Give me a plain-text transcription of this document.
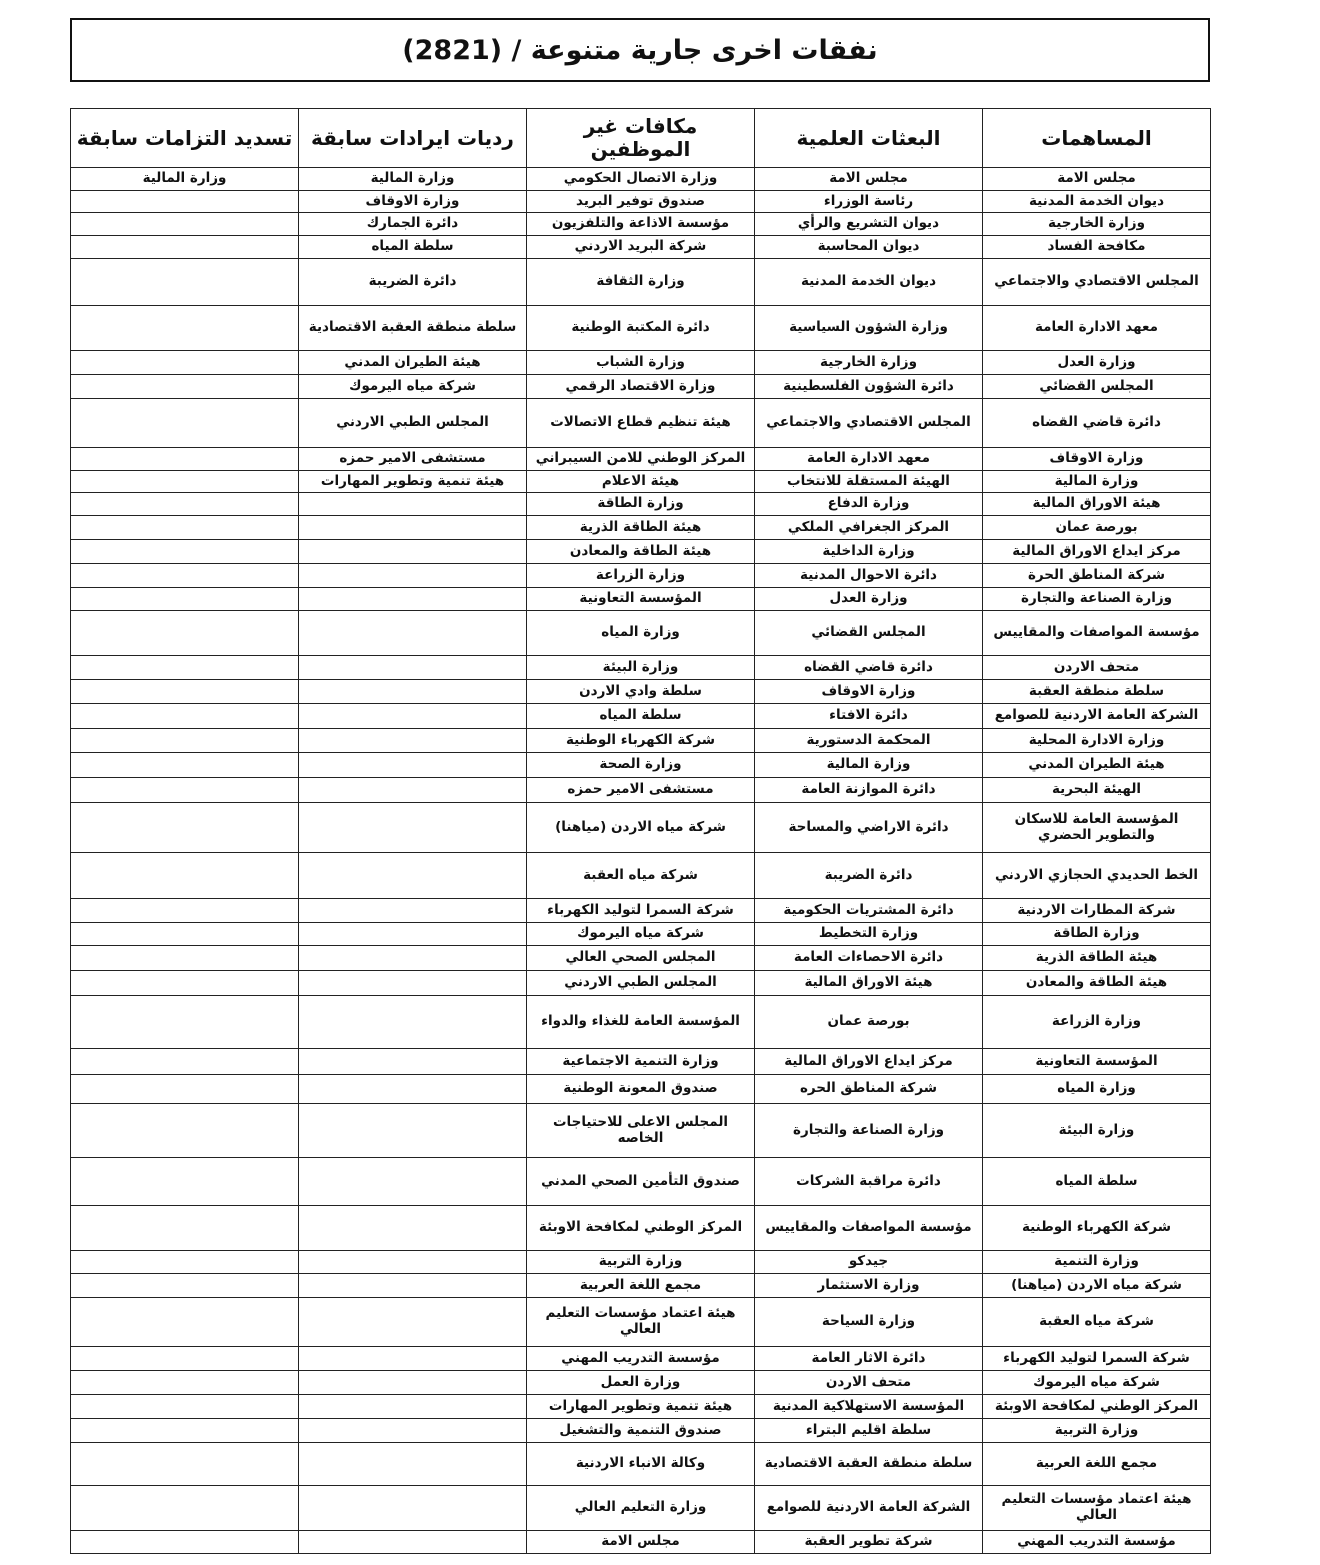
نفقات اخرى جارية متنوعة / (2821)
المساهمات	البعثات العلمية	مكافات غير الموظفين	رديات ايرادات سابقة	تسديد التزامات سابقة
مجلس الامة	مجلس الامة	وزارة الاتصال الحكومي	وزارة المالية	وزارة المالية
ديوان الخدمة المدنية	رئاسة الوزراء	صندوق توفير البريد	وزارة الاوقاف	
وزارة الخارجية	ديوان التشريع والرأي	مؤسسة الاذاعة والتلفزيون	دائرة الجمارك	
مكافحة الفساد	ديوان المحاسبة	شركة البريد الاردني	سلطة المياه	
المجلس الاقتصادي والاجتماعي	ديوان الخدمة المدنية	وزارة الثقافة	دائرة الضريبة	
معهد الادارة العامة	وزارة الشؤون السياسية	دائرة المكتبة الوطنية	سلطة منطقة العقبة الاقتصادية	
وزارة العدل	وزارة الخارجية	وزارة الشباب	هيئة الطيران المدني	
المجلس القضائي	دائرة الشؤون الفلسطينية	وزارة الاقتصاد الرقمي	شركة مياه اليرموك	
دائرة قاضي القضاه	المجلس الاقتصادي والاجتماعي	هيئة تنظيم قطاع الاتصالات	المجلس الطبي الاردني	
وزارة الاوقاف	معهد الادارة العامة	المركز الوطني للامن السيبراني	مستشفى الامير حمزه	
وزارة المالية	الهيئة المستقلة للانتخاب	هيئة الاعلام	هيئة تنمية وتطوير المهارات	
هيئة الاوراق المالية	وزارة الدفاع	وزارة الطاقة		
بورصة عمان	المركز الجغرافي الملكي	هيئة الطاقة الذرية		
مركز ايداع الاوراق المالية	وزارة الداخلية	هيئة الطاقة والمعادن		
شركة المناطق الحرة	دائرة الاحوال المدنية	وزارة الزراعة		
وزارة الصناعة والتجارة	وزارة العدل	المؤسسة التعاونية		
مؤسسة المواصفات والمقاييس	المجلس القضائي	وزارة المياه		
متحف الاردن	دائرة قاضي القضاه	وزارة البيئة		
سلطة منطقة العقبة	وزارة الاوقاف	سلطة وادي الاردن		
الشركة العامة الاردنية للصوامع	دائرة الافتاء	سلطة المياه		
وزارة الادارة المحلية	المحكمة الدستورية	شركة الكهرباء الوطنية		
هيئة الطيران المدني	وزارة المالية	وزارة الصحة		
الهيئة البحرية	دائرة الموازنة العامة	مستشفى الامير حمزه		
المؤسسة العامة للاسكان والتطوير الحضري	دائرة الاراضي والمساحة	شركة مياه الاردن (مياهنا)		
الخط الحديدي الحجازي الاردني	دائرة الضريبة	شركة مياه العقبة		
شركة المطارات الاردنية	دائرة المشتريات الحكومية	شركة السمرا لتوليد الكهرباء		
وزارة الطاقة	وزارة التخطيط	شركة مياه اليرموك		
هيئة الطاقة الذرية	دائرة الاحصاءات العامة	المجلس الصحي العالي		
هيئة الطاقة والمعادن	هيئة الاوراق المالية	المجلس الطبي الاردني		
وزارة الزراعة	بورصة عمان	المؤسسة العامة للغذاء والدواء		
المؤسسة التعاونية	مركز ايداع الاوراق المالية	وزارة التنمية الاجتماعية		
وزارة المياه	شركة المناطق الحره	صندوق المعونة الوطنية		
وزارة البيئة	وزارة الصناعة والتجارة	المجلس الاعلى للاحتياجات الخاصه		
سلطة المياه	دائرة مراقبة الشركات	صندوق التأمين الصحي المدني		
شركة الكهرباء الوطنية	مؤسسة المواصفات والمقاييس	المركز الوطني لمكافحة الاوبئة		
وزارة التنمية	جيدكو	وزارة التربية		
شركة مياه الاردن (مياهنا)	وزارة الاستثمار	مجمع اللغة العربية		
شركة مياه العقبة	وزارة السياحة	هيئة اعتماد مؤسسات التعليم العالي		
شركة السمرا لتوليد الكهرباء	دائرة الاثار العامة	مؤسسة التدريب المهني		
شركة مياه اليرموك	متحف الاردن	وزارة العمل		
المركز الوطني لمكافحة الاوبئة	المؤسسة الاستهلاكية المدنية	هيئة تنمية وتطوير المهارات		
وزارة التربية	سلطة اقليم البتراء	صندوق التنمية والتشغيل		
مجمع اللغة العربية	سلطة منطقة العقبة الاقتصادية	وكالة الانباء الاردنية		
هيئة اعتماد مؤسسات التعليم العالي	الشركة العامة الاردنية للصوامع	وزارة التعليم العالي		
مؤسسة التدريب المهني	شركة تطوير العقبة	مجلس الامة		
